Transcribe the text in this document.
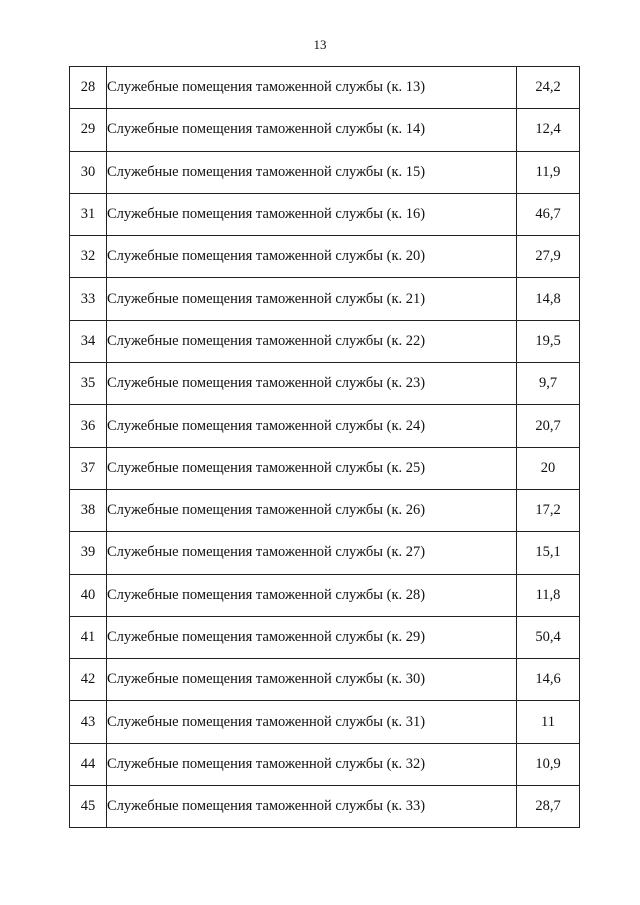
13
28	Служебные помещения таможенной службы (к. 13)	24,2
29	Служебные помещения таможенной службы (к. 14)	12,4
30	Служебные помещения таможенной службы (к. 15)	11,9
31	Служебные помещения таможенной службы (к. 16)	46,7
32	Служебные помещения таможенной службы (к. 20)	27,9
33	Служебные помещения таможенной службы (к. 21)	14,8
34	Служебные помещения таможенной службы (к. 22)	19,5
35	Служебные помещения таможенной службы (к. 23)	9,7
36	Служебные помещения таможенной службы (к. 24)	20,7
37	Служебные помещения таможенной службы (к. 25)	20
38	Служебные помещения таможенной службы (к. 26)	17,2
39	Служебные помещения таможенной службы (к. 27)	15,1
40	Служебные помещения таможенной службы (к. 28)	11,8
41	Служебные помещения таможенной службы (к. 29)	50,4
42	Служебные помещения таможенной службы (к. 30)	14,6
43	Служебные помещения таможенной службы (к. 31)	11
44	Служебные помещения таможенной службы (к. 32)	10,9
45	Служебные помещения таможенной службы (к. 33)	28,7
